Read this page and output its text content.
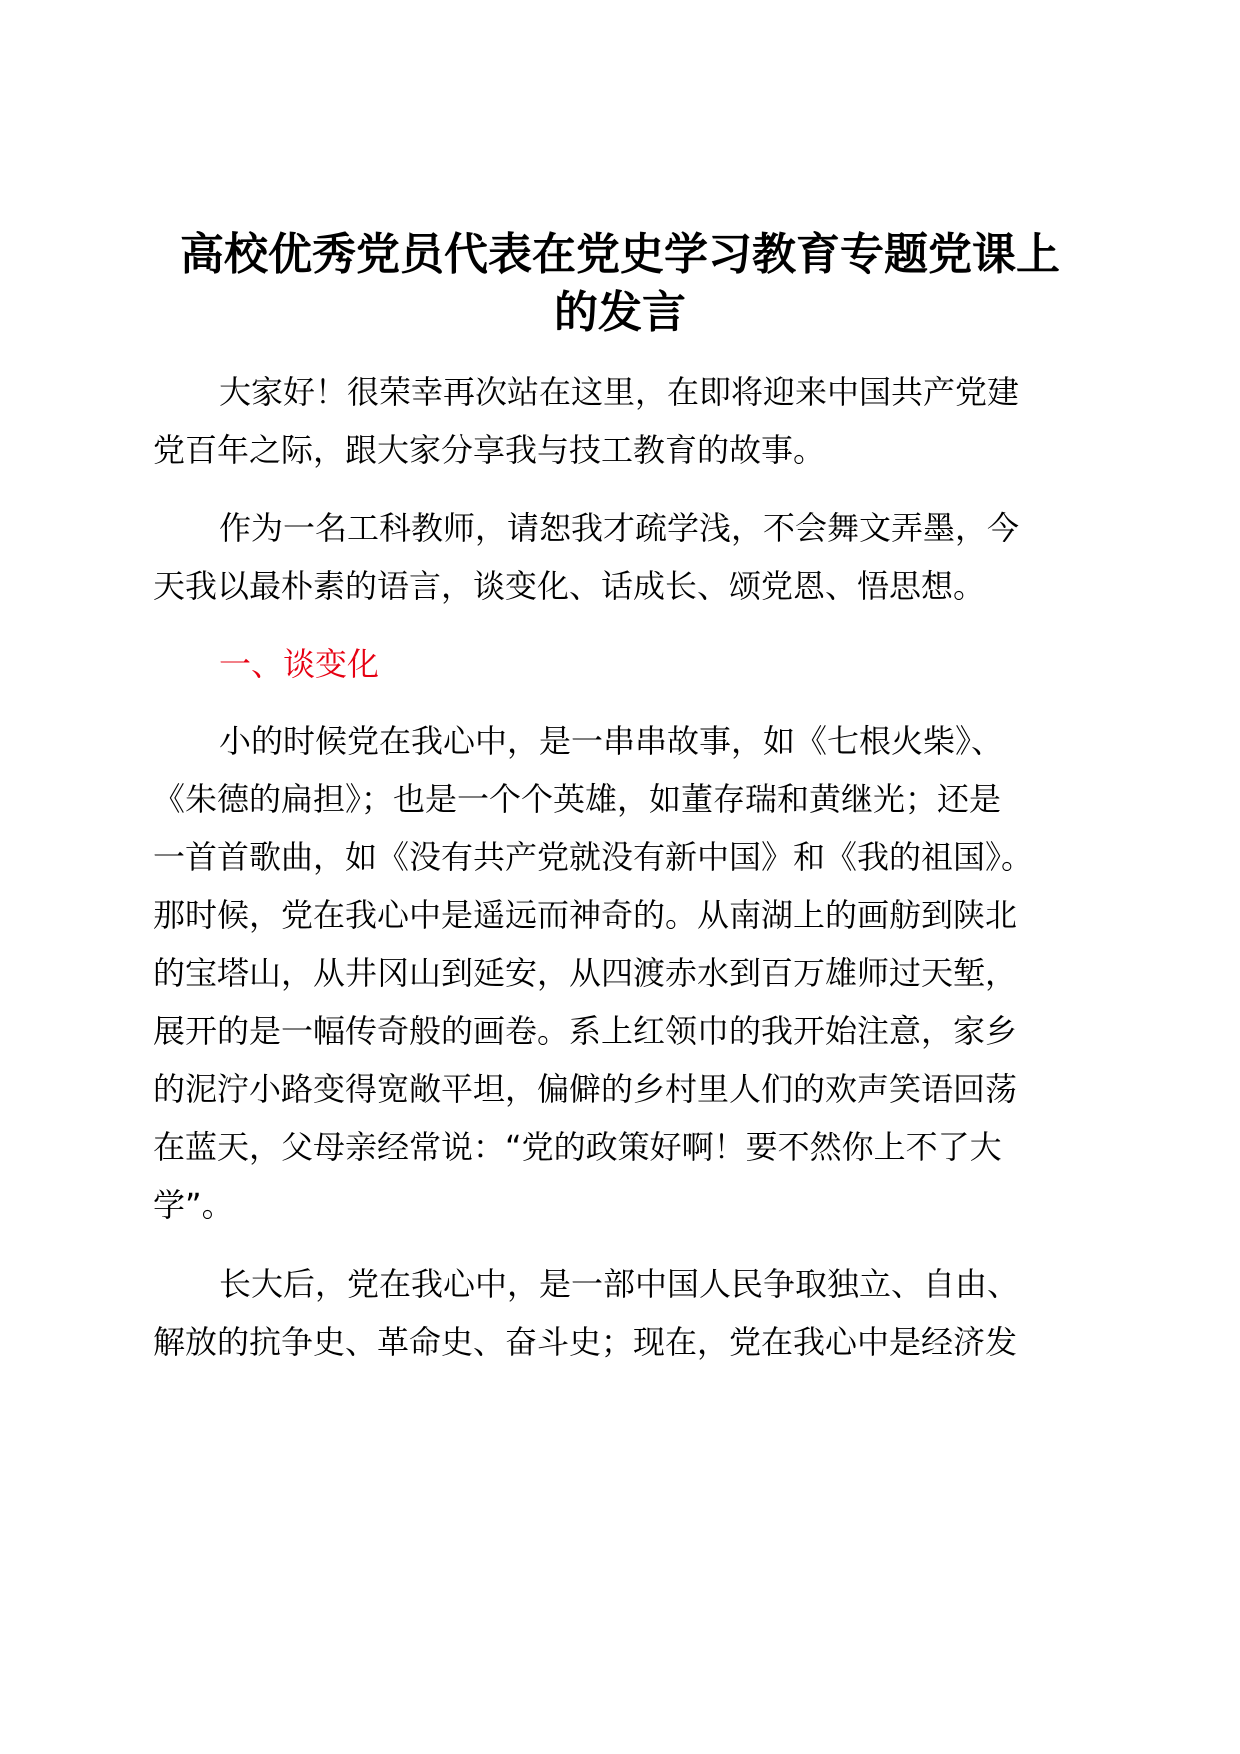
高校优秀党员代表在党史学习教育专题党课上
的发言

大家好！很荣幸再次站在这里，在即将迎来中国共产党建

党百年之际，跟大家分享我与技工教育的故事。

作为一名工科教师，请恕我才疏学浅，不会舞文弄墨，今

天我以最朴素的语言，谈变化、话成长、颂党恩、悟思想。

一、谈变化

小的时候党在我心中，是一串串故事，如《七根火柴》、

《朱德的扁担》；也是一个个英雄，如董存瑞和黄继光；还是

一首首歌曲，如《没有共产党就没有新中国》和《我的祖国》。

那时候，党在我心中是遥远而神奇的。从南湖上的画舫到陕北

的宝塔山，从井冈山到延安，从四渡赤水到百万雄师过天堑，

展开的是一幅传奇般的画卷。系上红领巾的我开始注意，家乡

的泥泞小路变得宽敞平坦，偏僻的乡村里人们的欢声笑语回荡

在蓝天，父母亲经常说：“党的政策好啊！要不然你上不了大

学”。

长大后，党在我心中，是一部中国人民争取独立、自由、

解放的抗争史、革命史、奋斗史；现在，党在我心中是经济发
